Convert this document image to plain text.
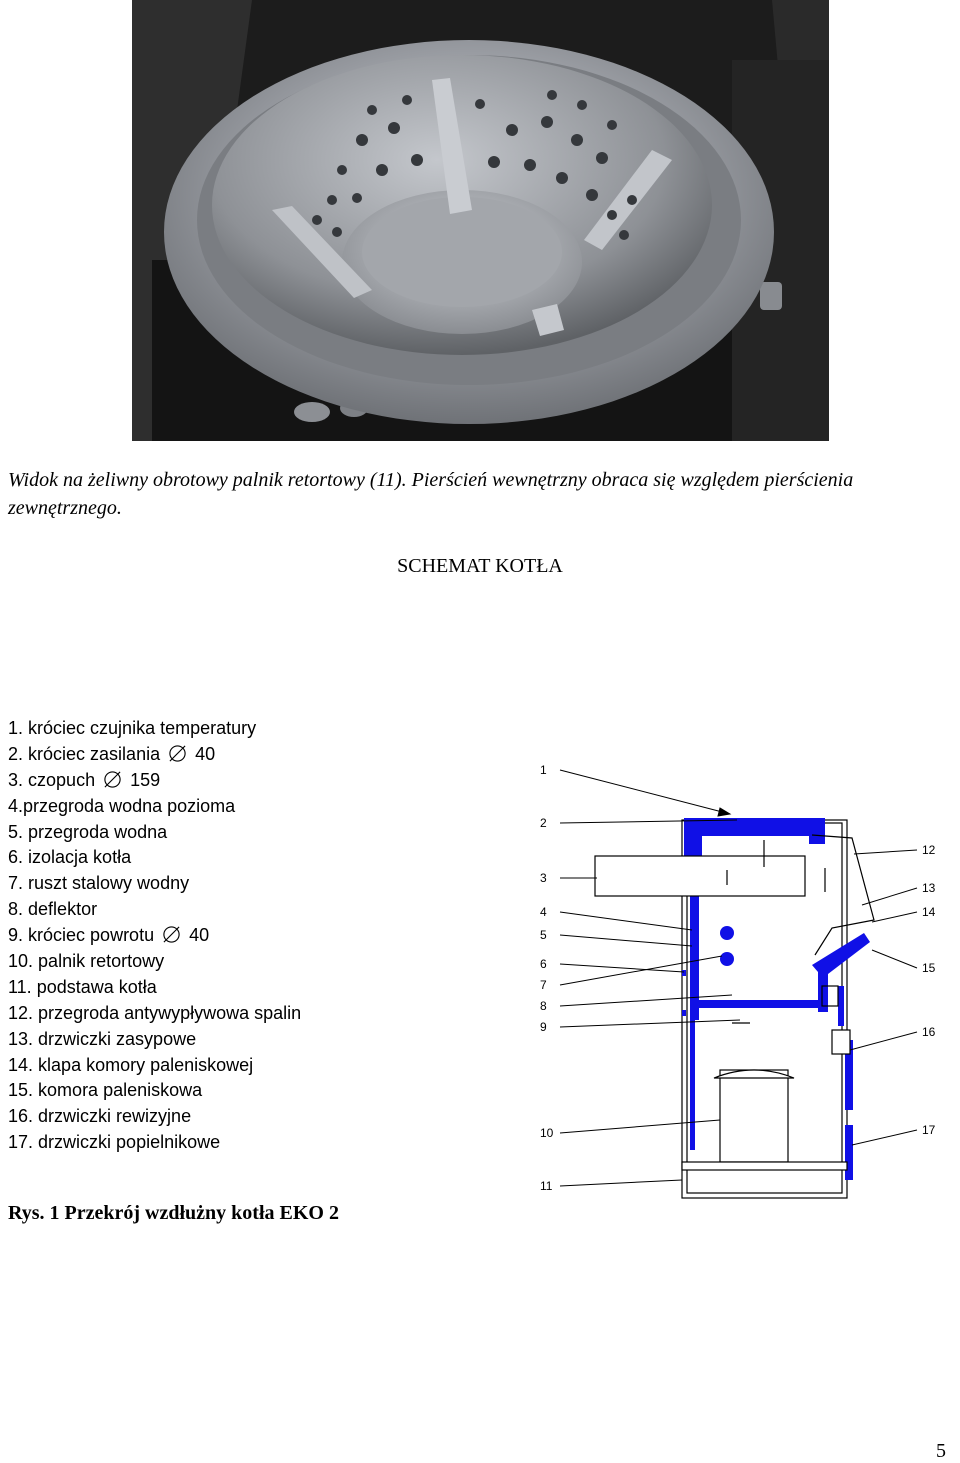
Widok na żeliwny obrotowy palnik retortowy (11). Pierścień wewnętrzny obraca się względem pierścienia zewnętrznego.

SCHEMAT KOTŁA
1. króciec czujnika temperatury
2. króciec zasilania 40
3. czopuch 159
4.przegroda wodna pozioma
5. przegroda wodna
6. izolacja kotła
7. ruszt stalowy wodny
8. deflektor
9. króciec powrotu 40
10. palnik retortowy
11. podstawa kotła
12. przegroda antywypływowa spalin
13. drzwiczki zasypowe
14. klapa komory paleniskowej
15. komora paleniskowa
16. drzwiczki rewizyjne
17. drzwiczki popielnikowe
1
2
3
4
5
6
7
8
9
10
11
12
13
14
15
16
17

Rys. 1 Przekrój wzdłużny kotła EKO 2

5
